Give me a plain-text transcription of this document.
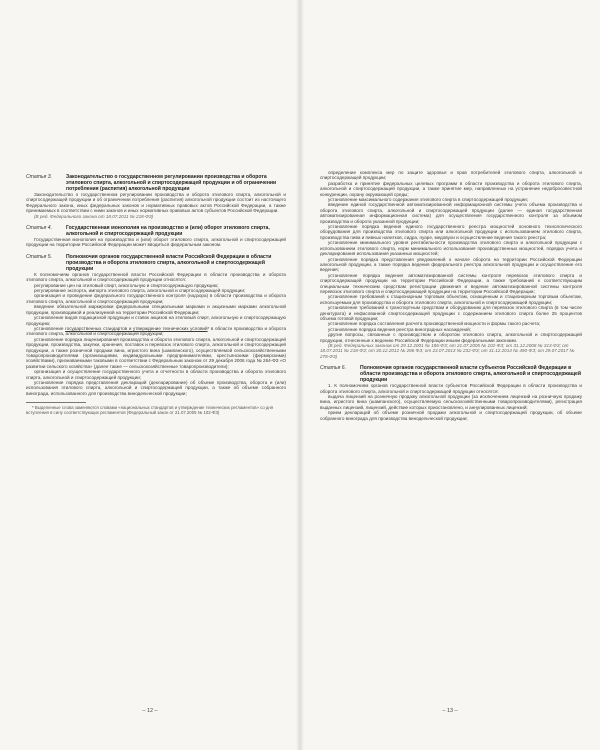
Статья 3.	Законодательство о государственном регулировании производства и оборота этилового спирта, алкогольной и спиртосодержащей продукции и об ограничении потребления (распития) алкогольной продукции

Законодательство о государственном регулировании производства и оборота этилового спирта, алкогольной и спиртосодержащей продукции и об ограничении потребления (распития) алкогольной продукции состоит из настоящего Федерального закона, иных федеральных законов и нормативных правовых актов Российской Федерации, а также принимаемых в соответствии с ними законов и иных нормативных правовых актов субъектов Российской Федерации.

(В ред. Федерального закона от 18.07.2011 № 218-ФЗ)

Статья 4.	Государственная монополия на производство и (или) оборот этилового спирта, алкогольной и спиртосодержащей продукции

Государственная монополия на производство и (или) оборот этилового спирта, алкогольной и спиртосодержащей продукции на территории Российской Федерации может вводиться федеральным законом.

Статья 5.	Полномочия органов государственной власти Российской Федерации в области производства и оборота этилового спирта, алкогольной и спиртосодержащей продукции

К полномочиям органов государственной власти Российской Федерации в области производства и оборота этилового спирта, алкогольной и спиртосодержащей продукции относятся:

регулирование цен на этиловый спирт, алкогольную и спиртосодержащую продукцию;

регулирование экспорта, импорта этилового спирта, алкогольной и спиртосодержащей продукции;

организация и проведение федерального государственного контроля (надзора) в области производства и оборота этилового спирта, алкогольной и спиртосодержащей продукции;

введение обязательной маркировки федеральными специальными марками и акцизными марками алкогольной продукции, производимой и реализуемой на территории Российской Федерации;

установление видов подакцизной продукции и ставок акцизов на этиловый спирт, алкогольную и спиртосодержащую продукцию;

установление государственных стандартов и утверждение технических условий* в области производства и оборота этилового спирта, алкогольной и спиртосодержащей продукции;

установление порядка лицензирования производства и оборота этилового спирта, алкогольной и спиртосодержащей продукции, производства, закупки, хранения, поставок и перевозок этилового спирта, алкогольной и спиртосодержащей продукции, а также розничной продажи вина, игристого вина (шампанского), осуществляемой сельскохозяйственными товаропроизводителями (организациями, индивидуальными предпринимателями, крестьянскими (фермерскими) хозяйствами), признаваемыми таковыми в соответствии с Федеральным законом от 29 декабря 2006 года № 264-ФЗ «О развитии сельского хозяйства» (далее также — сельскохозяйственные товаропроизводители);

организация и осуществление государственного учета и отчетности в области производства и оборота этилового спирта, алкогольной и спиртосодержащей продукции;

установление порядка представления деклараций (декларирование) об объеме производства, оборота и (или) использования этилового спирта, алкогольной и спиртосодержащей продукции, а также об объеме собранного винограда, использованного для производства винодельческой продукции;

* Выделенные слова заменяются словами «национальных стандартов и утверждение технических регламентов» со дня вступления в силу соответствующих регламентов (Федеральный закон от 21.07.2005 № 102-ФЗ)

– 12 –

определение комплекса мер по защите здоровья и прав потребителей этилового спирта, алкогольной и спиртосодержащей продукции;

разработка и принятие федеральных целевых программ в области производства и оборота этилового спирта, алкогольной и спиртосодержащей продукции, а также принятие мер, направленных на устранение недобросовестной конкуренции, охрану окружающей среды;

установление максимального содержания этилового спирта в спиртосодержащей продукции;

введение единой государственной автоматизированной информационной системы учета объема производства и оборота этилового спирта, алкогольной и спиртосодержащей продукции (далее — единая государственная автоматизированная информационная система) для осуществления государственного контроля за объемом производства и оборота указанной продукции;

установление порядка ведения единого государственного реестра мощностей основного технологического оборудования для производства этилового спирта или алкогольной продукции с использованием этилового спирта, производства пива и пивных напитков, сидра, пуаре, медовухи и осуществление ведения такого реестра;

установление минимального уровня рентабельности производства этилового спирта и алкогольной продукции с использованием этилового спирта, норм минимального использования производственных мощностей, порядка учета и декларирования использования указанных мощностей;

установление порядка представления уведомлений о начале оборота на территории Российской Федерации алкогольной продукции, а также порядка ведения федерального реестра алкогольной продукции и осуществление его ведения;

установление порядка ведения автоматизированной системы контроля перевозок этилового спирта и спиртосодержащей продукции на территории Российской Федерации, а также требований к соответствующим специальным техническим средствам регистрации движения и ведение автоматизированной системы контроля перевозок этилового спирта и спиртосодержащей продукции на территории Российской Федерации;

установление требований к стационарным торговым объектам, оснащенным и стационарным торговым объектам, используемым для производства и оборота этилового спирта, алкогольной и спиртосодержащей продукции;

установление требований к транспортным средствам и оборудованию для перевозок этилового спирта (в том числе денатурата) и нефасованной спиртосодержащей продукции с содержанием этилового спирта более 25 процентов объема готовой продукции;

установление порядка составления расчета производственной мощности и формы такого расчета;

установление порядка ведения реестра виноградных насаждений;

другие вопросы, связанные с производством и оборотом этилового спирта, алкогольной и спиртосодержащей продукции, отнесенные к ведению Российской Федерации иными федеральными законами.

(В ред. Федеральных законов от 29.12.2001 № 186-ФЗ; от 21.07.2005 № 102-ФЗ; от 31.12.2008 № 313-ФЗ; от 18.07.2011 № 218-ФЗ; от 30.12.2012 № 286-ФЗ; от 23.07.2013 № 232-ФЗ; от 31.12.2014 № 490-ФЗ; от 29.07.2017 № 278-ФЗ)

Статья 6.	Полномочия органов государственной власти субъектов Российской Федерации в области производства и оборота этилового спирта, алкогольной и спиртосодержащей продукции

1. К полномочиям органов государственной власти субъектов Российской Федерации в области производства и оборота этилового спирта, алкогольной и спиртосодержащей продукции относятся:

выдача лицензий на розничную продажу алкогольной продукции (за исключением лицензий на розничную продажу вина, игристого вина (шампанского), осуществляемую сельскохозяйственными товаропроизводителями), регистрация выданных лицензий, лицензий, действие которых приостановлено, и аннулированных лицензий;

прием деклараций об объеме розничной продажи алкогольной и спиртосодержащей продукции, об объеме собранного винограда для производства винодельческой продукции;

– 13 –
